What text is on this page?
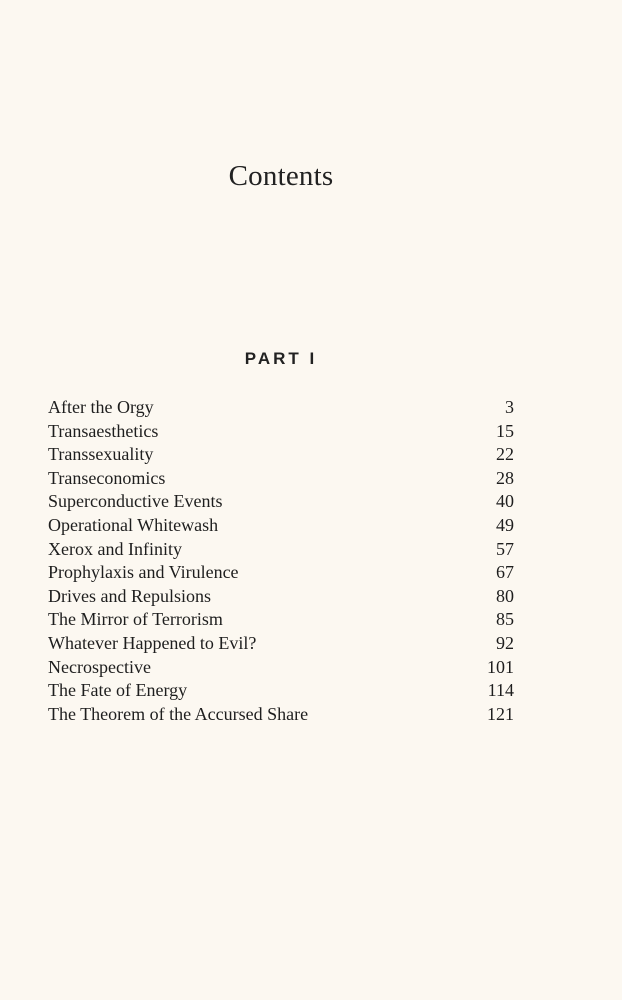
Contents
PART I
After the Orgy	3
Transaesthetics	15
Transsexuality	22
Transeconomics	28
Superconductive Events	40
Operational Whitewash	49
Xerox and Infinity	57
Prophylaxis and Virulence	67
Drives and Repulsions	80
The Mirror of Terrorism	85
Whatever Happened to Evil?	92
Necrospective	101
The Fate of Energy	114
The Theorem of the Accursed Share	121
